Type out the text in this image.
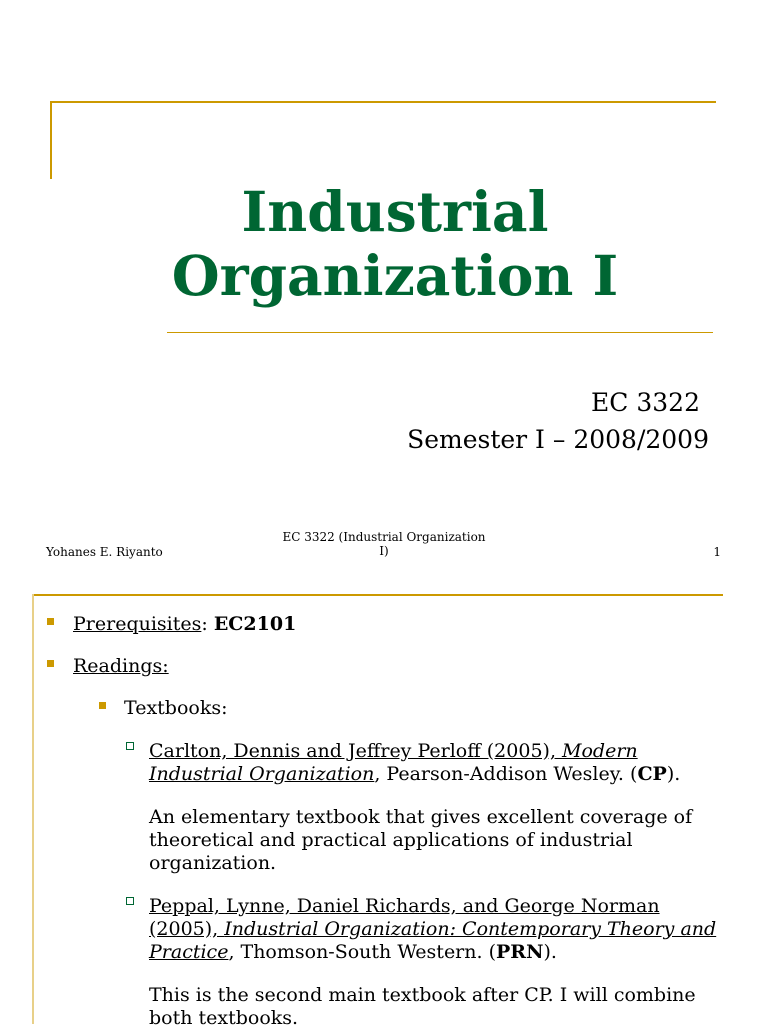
Industrial
Organization I
EC 3322
Semester I – 2008/2009
Yohanes E. Riyanto
EC 3322 (Industrial Organization
I)	1
Prerequisites: EC2101
Readings:
Textbooks:
Carlton, Dennis and Jeffrey Perloff (2005), Modern Industrial Organization, Pearson-Addison Wesley. (CP).
An elementary textbook that gives excellent coverage of theoretical and practical applications of industrial organization.
Peppal, Lynne, Daniel Richards, and George Norman (2005), Industrial Organization: Contemporary Theory and Practice, Thomson-South Western. (PRN).
This is the second main textbook after CP. I will combine both textbooks.
